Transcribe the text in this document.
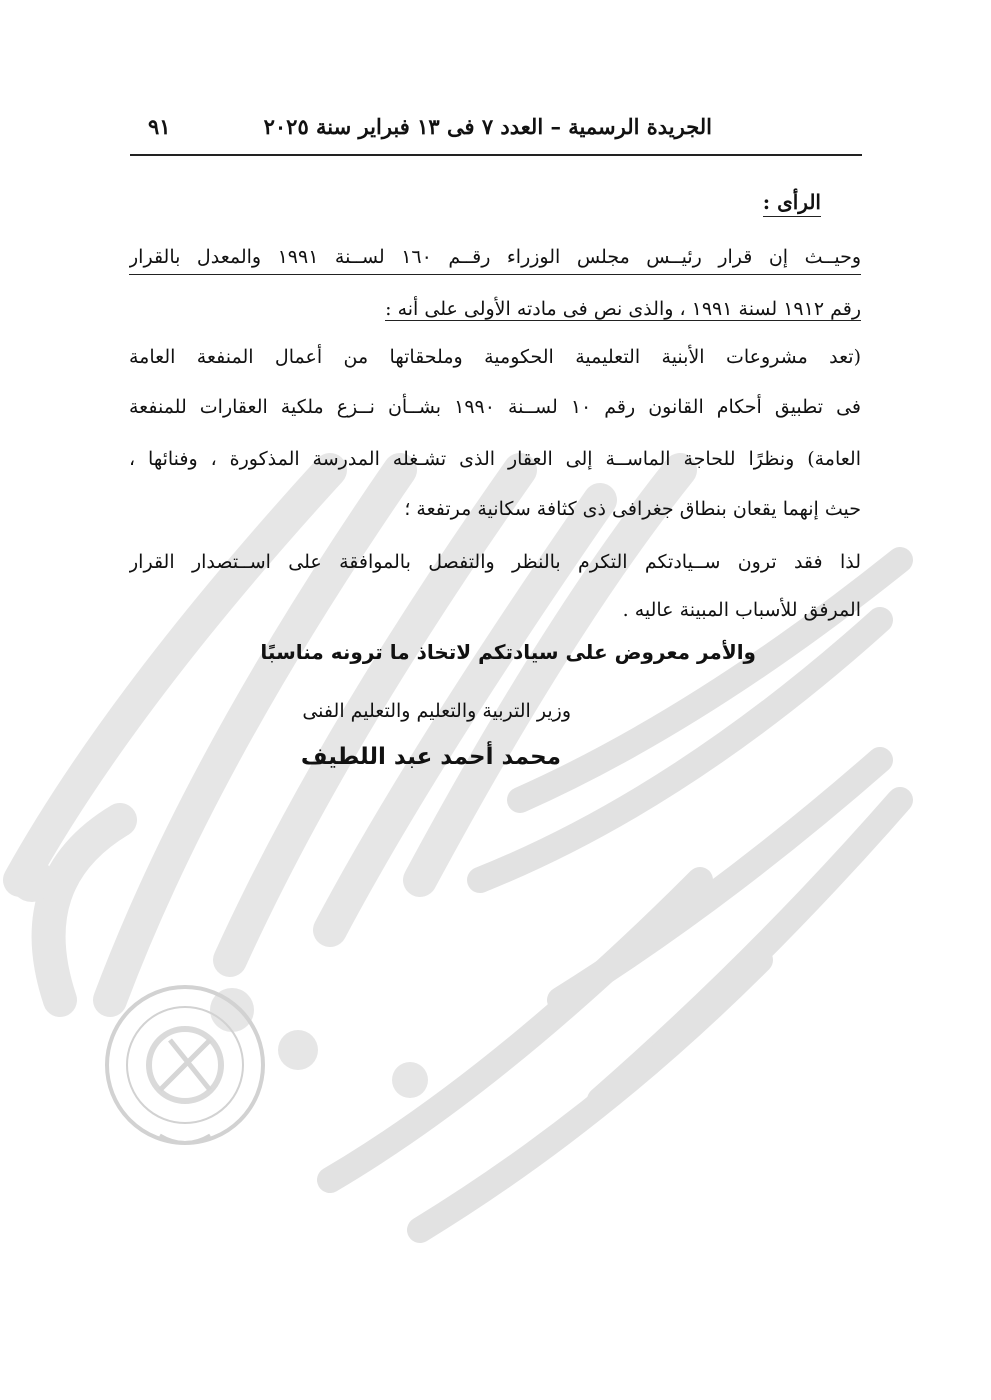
الجريدة الرسمية – العدد ٧ فى ١٣ فبراير سنة ٢٠٢٥
٩١
الرأى :
وحيــث إن قرار رئيــس مجلس الوزراء رقــم ١٦٠ لســنة ١٩٩١ والمعدل بالقرار
رقم ١٩١٢ لسنة ١٩٩١ ، والذى نص فى مادته الأولى على أنه :
(تعد مشروعات الأبنية التعليمية الحكومية وملحقاتها من أعمال المنفعة العامة
فى تطبيق أحكام القانون رقم ١٠ لســنة ١٩٩٠ بشــأن نــزع ملكية العقارات للمنفعة
العامة) ونظرًا للحاجة الماســة إلى العقار الذى تشـغله المدرسة المذكورة ، وفنائها ،
حيث إنهما يقعان بنطاق جغرافى ذى كثافة سكانية مرتفعة ؛
لذا فقد ترون ســيادتكم التكرم بالنظر والتفصل بالموافقة على اســتصدار القرار
المرفق للأسباب المبينة عاليه .
والأمر معروض على سيادتكم لاتخاذ ما ترونه مناسبًا
وزير التربية والتعليم والتعليم الفنى
محمد أحمد عبد اللطيف
